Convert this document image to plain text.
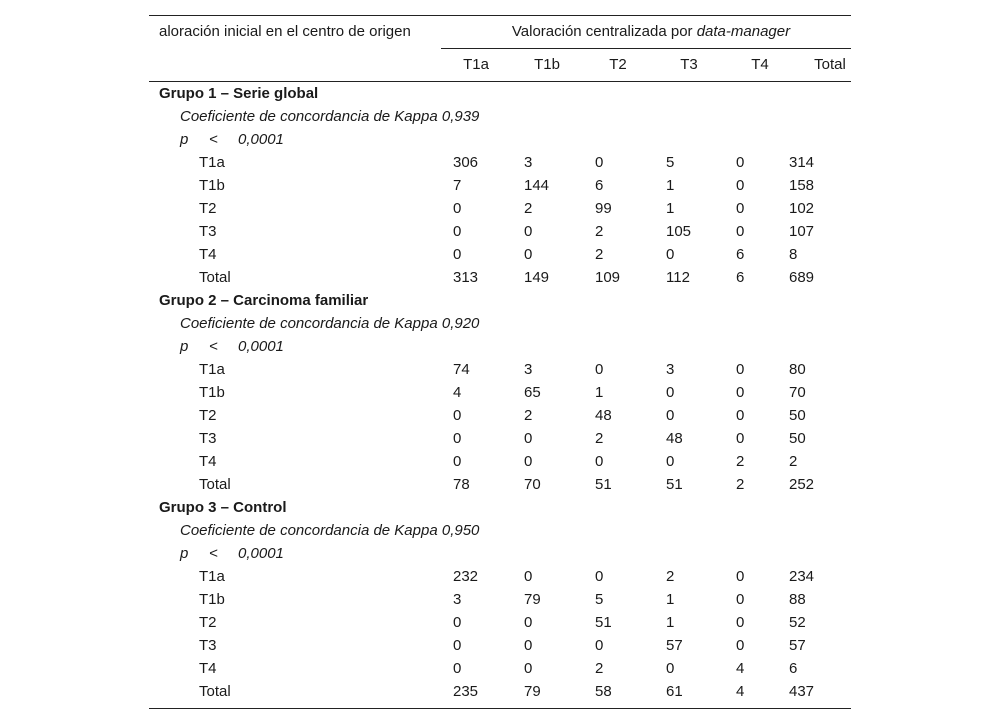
aloración inicial en el centro de origen	Valoración centralizada por data-manager
T1a	T1b	T2	T3	T4	Total
Grupo 1 – Serie global
Coeficiente de concordancia de Kappa 0,939
p < 0,0001
T1a	306	3	0	5	0	314
T1b	7	144	6	1	0	158
T2	0	2	99	1	0	102
T3	0	0	2	105	0	107
T4	0	0	2	0	6	8
Total	313	149	109	112	6	689
Grupo 2 – Carcinoma familiar
Coeficiente de concordancia de Kappa 0,920
p < 0,0001
T1a	74	3	0	3	0	80
T1b	4	65	1	0	0	70
T2	0	2	48	0	0	50
T3	0	0	2	48	0	50
T4	0	0	0	0	2	2
Total	78	70	51	51	2	252
Grupo 3 – Control
Coeficiente de concordancia de Kappa 0,950
p < 0,0001
T1a	232	0	0	2	0	234
T1b	3	79	5	1	0	88
T2	0	0	51	1	0	52
T3	0	0	0	57	0	57
T4	0	0	2	0	4	6
Total	235	79	58	61	4	437
